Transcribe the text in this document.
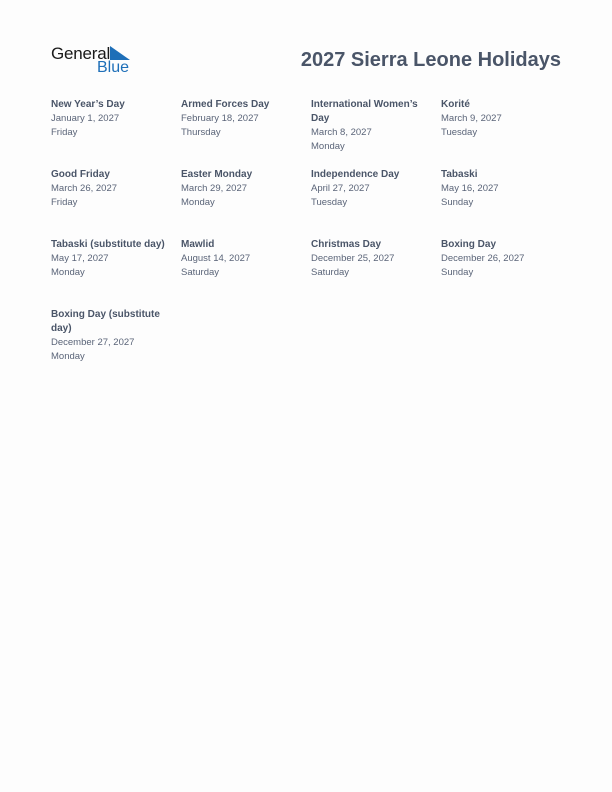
General
Blue	2027 Sierra Leone Holidays
New Year’s Day
January 1, 2027
Friday
Armed Forces Day
February 18, 2027
Thursday
International Women’s Day
March 8, 2027
Monday
Korité
March 9, 2027
Tuesday
Good Friday
March 26, 2027
Friday
Easter Monday
March 29, 2027
Monday
Independence Day
April 27, 2027
Tuesday
Tabaski
May 16, 2027
Sunday
Tabaski (substitute day)
May 17, 2027
Monday
Mawlid
August 14, 2027
Saturday
Christmas Day
December 25, 2027
Saturday
Boxing Day
December 26, 2027
Sunday
Boxing Day (substitute day)
December 27, 2027
Monday
